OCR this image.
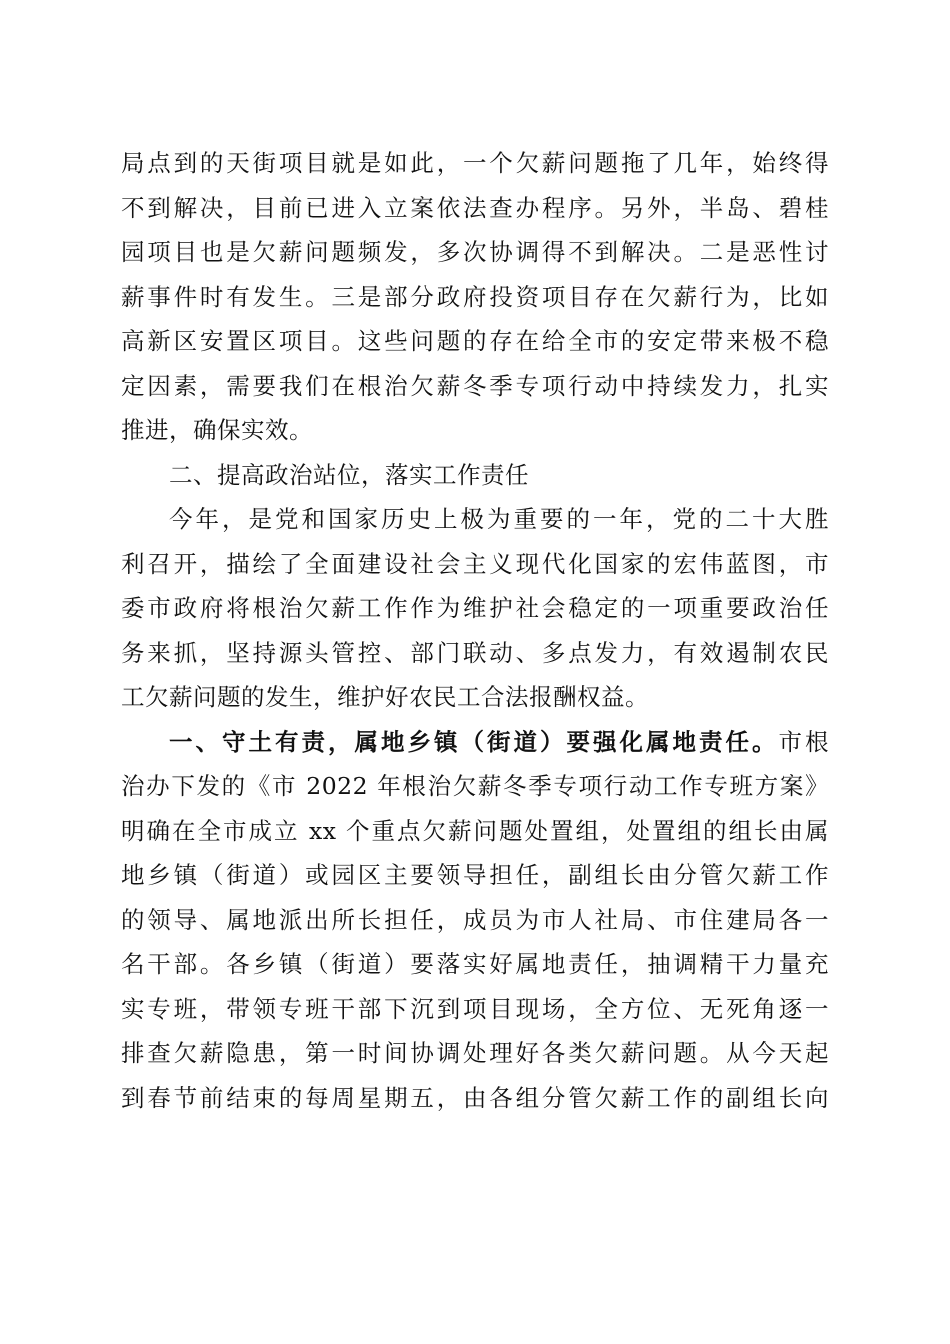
局点到的天街项目就是如此，一个欠薪问题拖了几年，始终得
不到解决，目前已进入立案依法查办程序。另外，半岛、碧桂
园项目也是欠薪问题频发，多次协调得不到解决。二是恶性讨
薪事件时有发生。三是部分政府投资项目存在欠薪行为，比如
高新区安置区项目。这些问题的存在给全市的安定带来极不稳
定因素，需要我们在根治欠薪冬季专项行动中持续发力，扎实
推进，确保实效。
二、提高政治站位，落实工作责任
今年，是党和国家历史上极为重要的一年，党的二十大胜
利召开，描绘了全面建设社会主义现代化国家的宏伟蓝图，市
委市政府将根治欠薪工作作为维护社会稳定的一项重要政治任
务来抓，坚持源头管控、部门联动、多点发力，有效遏制农民
工欠薪问题的发生，维护好农民工合法报酬权益。
一、守土有责，属地乡镇（街道）要强化属地责任。市根
治办下发的《市 2022 年根治欠薪冬季专项行动工作专班方案》
明确在全市成立 xx 个重点欠薪问题处置组，处置组的组长由属
地乡镇（街道）或园区主要领导担任，副组长由分管欠薪工作
的领导、属地派出所长担任，成员为市人社局、市住建局各一
名干部。各乡镇（街道）要落实好属地责任，抽调精干力量充
实专班，带领专班干部下沉到项目现场，全方位、无死角逐一
排查欠薪隐患，第一时间协调处理好各类欠薪问题。从今天起
到春节前结束的每周星期五，由各组分管欠薪工作的副组长向
